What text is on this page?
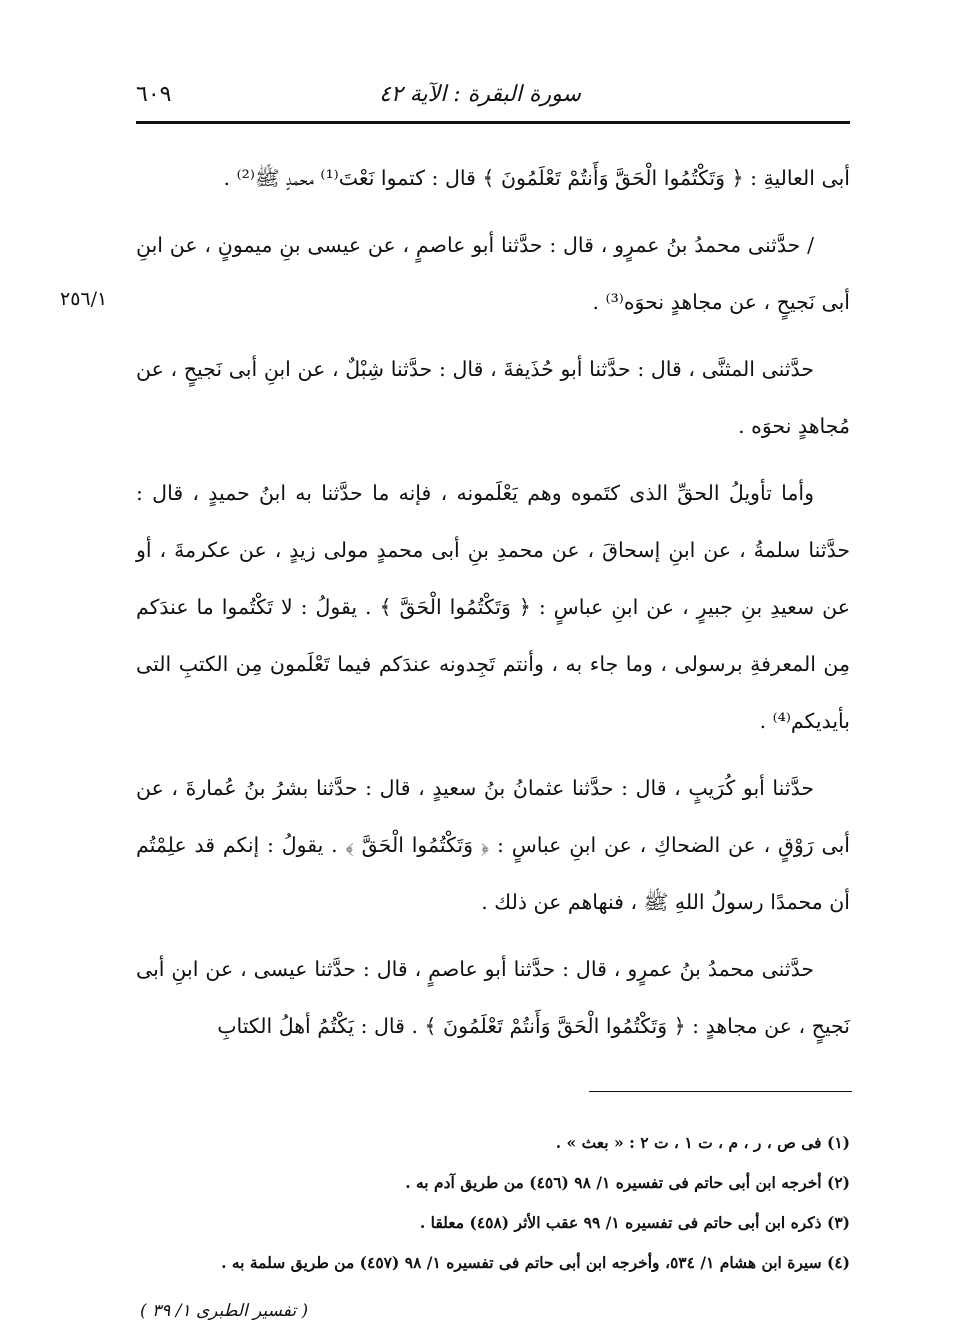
سورة البقرة : الآية ٤٢
٦٠٩
٢٥٦/١

أبى العاليةِ : ﴿ وَتَكْتُمُوا الْحَقَّ وَأَنتُمْ تَعْلَمُونَ ﴾ قال : كتموا نَعْتَ⁽¹⁾ محمدٍ ﷺ⁽²⁾ .

/ حدَّثنى محمدُ بنُ عمرٍو ، قال : حدَّثنا أبو عاصمٍ ، عن عيسى بنِ ميمونٍ ، عن ابنِ أبى نَجيحٍ ، عن مجاهدٍ نحوَه⁽³⁾ .

حدَّثنى المثنَّى ، قال : حدَّثنا أبو حُذَيفةَ ، قال : حدَّثنا شِبْلٌ ، عن ابنِ أبى نَجيحٍ ، عن مُجاهدٍ نحوَه .

وأما تأويلُ الحقِّ الذى كتَموه وهم يَعْلَمونه ، فإنه ما حدَّثنا به ابنُ حميدٍ ، قال : حدَّثنا سلمةُ ، عن ابنِ إسحاقَ ، عن محمدِ بنِ أبى محمدٍ مولى زيدٍ ، عن عكرمةَ ، أو عن سعيدِ بنِ جبيرٍ ، عن ابنِ عباسٍ : ﴿ وَتَكْتُمُوا الْحَقَّ ﴾ . يقولُ : لا تَكْتُموا ما عندَكم مِن المعرفةِ برسولى ، وما جاء به ، وأنتم تَجِدونه عندَكم فيما تَعْلَمون مِن الكتبِ التى بأيديكم⁽⁴⁾ .

حدَّثنا أبو كُرَيبٍ ، قال : حدَّثنا عثمانُ بنُ سعيدٍ ، قال : حدَّثنا بشرُ بنُ عُمارةَ ، عن أبى رَوْقٍ ، عن الضحاكِ ، عن ابنِ عباسٍ : ﴿ وَتَكْتُمُوا الْحَقَّ ﴾ . يقولُ : إنكم قد علِمْتُم أن محمدًا رسولُ اللهِ ﷺ ، فنهاهم عن ذلك .

حدَّثنى محمدُ بنُ عمرٍو ، قال : حدَّثنا أبو عاصمٍ ، قال : حدَّثنا عيسى ، عن ابنِ أبى نَجيحٍ ، عن مجاهدٍ : ﴿ وَتَكْتُمُوا الْحَقَّ وَأَنتُمْ تَعْلَمُونَ ﴾ . قال : يَكْتُمُ أهلُ الكتابِ

(١) فى ص ، ر ، م ، ت ١ ، ت ٢ : « بعث » .
(٢) أخرجه ابن أبى حاتم فى تفسيره ١/ ٩٨ (٤٥٦) من طريق آدم به .
(٣) ذكره ابن أبى حاتم فى تفسيره ١/ ٩٩ عقب الأثر (٤٥٨) معلقا .
(٤) سيرة ابن هشام ١/ ٥٣٤، وأخرجه ابن أبى حاتم فى تفسيره ١/ ٩٨ (٤٥٧) من طريق سلمة به .
( تفسير الطبرى ١/ ٣٩ )
